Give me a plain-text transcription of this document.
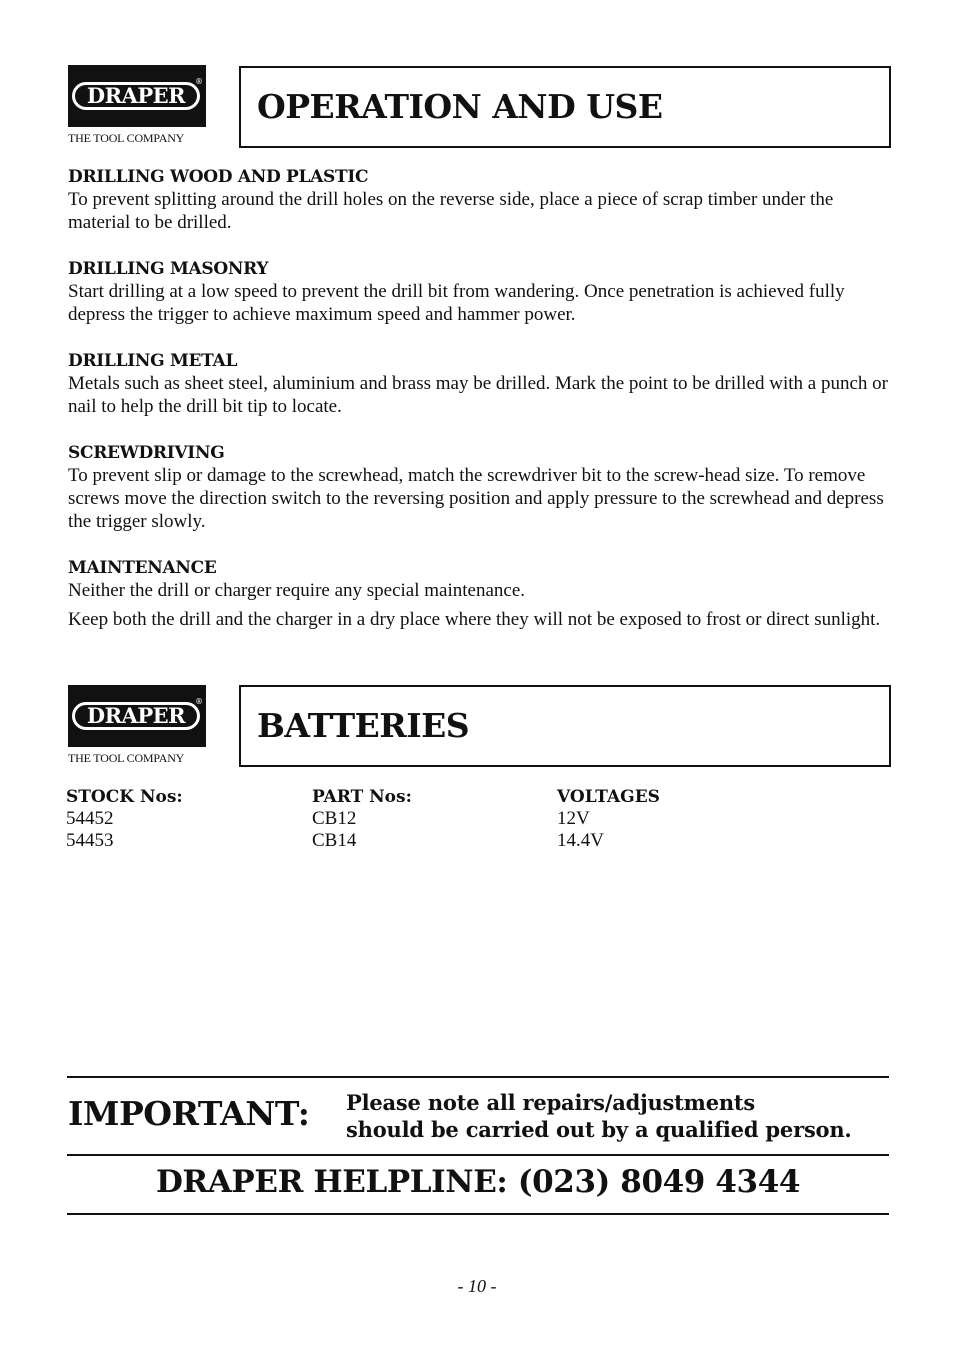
®
DRAPER
THE TOOL COMPANY
OPERATION AND USE
DRILLING WOOD AND PLASTIC

To prevent splitting around the drill holes on the reverse side, place a piece of scrap timber under the material to be drilled.

DRILLING MASONRY

Start drilling at a low speed to prevent the drill bit from wandering. Once penetration is achieved fully depress the trigger to achieve maximum speed and hammer power.

DRILLING METAL

Metals such as sheet steel, aluminium and brass may be drilled. Mark the point to be drilled with a punch or nail to help the drill bit tip to locate.

SCREWDRIVING

To prevent slip or damage to the screwhead, match the screwdriver bit to the screw-head size. To remove screws move the direction switch to the reversing position and apply pressure to the screwhead and depress the trigger slowly.

MAINTENANCE

Neither the drill or charger require any special maintenance.

Keep both the drill and the charger in a dry place where they will not be exposed to frost or direct sunlight.

®
DRAPER
THE TOOL COMPANY
BATTERIES
STOCK Nos:	PART Nos:	VOLTAGES
54452	CB12	12V
54453	CB14	14.4V
IMPORTANT: Please note all repairs/adjustments
should be carried out by a qualified person.
DRAPER HELPLINE: (023) 8049 4344
- 10 -
